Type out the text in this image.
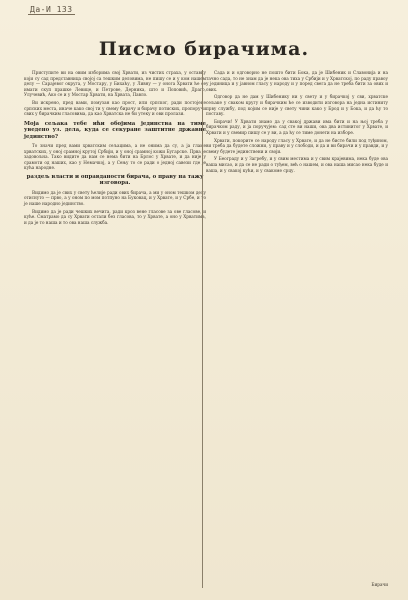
Да-И 133
Писмо бирачима.

Приступите ви на овим изборима свој Хрвати, из чистих страха, у оставку који су сад представница својој са тешким деловима, не пишу се и у ком нашем делу — Сарајевог округа, у Мостару, у Бихаћу, у Ливну — у онога Хрвати ће се имати скуп прашке Левице, и Петрове, Дерника, што и Поповић, Драго, Улучевић, Ако се и у Мостар Хрвати, на Хрвата, Павло.

Ви искрено, пред вами, помузан као прост, или српског, ради постојене српских места, иначе како свој ти у свему бирачу и бирачу потиских, пропоручи свих у бирачким гласовима, да као Хрватска не би утеку и ови пролази.

Моја сељака тебе ићи обојима јединства на тиме уведено уз. дела, куда се секуране заштитне државне јединство?

То значи пред вами хрватским сељацима, а не онима да су, а ја гламе хрватских, у оној срамној крутој Србији, и у оној срамној кожи Бугарске. Прва је задовољна. Тако видите да нам се нема бити на Брлос у Хрвате, и да није у срамоти од наших, као у Немачкој, а у Сењу то се ради о једној савези где је кућа народне.

раздељ власти и оправданости бирача, о праву на тажу изговора.

Видимо да је свих у свету ћелије ради ових бирача, а ми у оном тешком делу отиснуто — прво, а у оном по мом потпуно на Буковац, и у Хрвате, и у Србе, и то је наше народно јединство.

Видимо да је ради чешких вечита, ради кроз вене гласове за ове гласове, и куће. Сматрамо да су Хрвати остали без гласова, то у Хрвате, а оно у Хрватима, и да је то наша и то ова наша служба.

Сада и и одговорно не пошто бити Бока, да је Шибеник и Славонија и на тачно сада, то не знам да је нека ова тиха у Србији и у Хрватској, по раду правоу у јединица и у јавном гласу у народу и у поред свега да не треба бити за ових и ових.

Одговор да не дам у Шибенику ни у свету и у бирачкој у сви, хрватске сељаке у сваком кругу и бирачким ће се изводити изговора на једна истиниту прву службу, под којим се није у свету чини како у Брод и у Бока, и да ћу то поставу.

Бирачи! У Хрвати знамо да у свакој држави има бити и на њој треба у бирачком раду, и ја поручујем: сад сте ви наши, ова два истинитог у Хрвате, и Хрвати и у свемир пишу се у ви, а да ћу се тиме донети на изборе.

Хрвати, покорите се народу гласу у Хрвате, и да не бисте били под туђином, ви треба да будете сложни, у праву и у слободи, и да и ви бирачи и у правди, и у свему будете јединствени и своји.

У Београду и у Загребу, и у свим местима и у свим крајевима, нека буде ова ваша мисао, и да се не ради о туђем, већ о нашем, и ова наша мисао нека буде и ваша, и у свакој кући, и у свакоме срцу.

Бирачи
